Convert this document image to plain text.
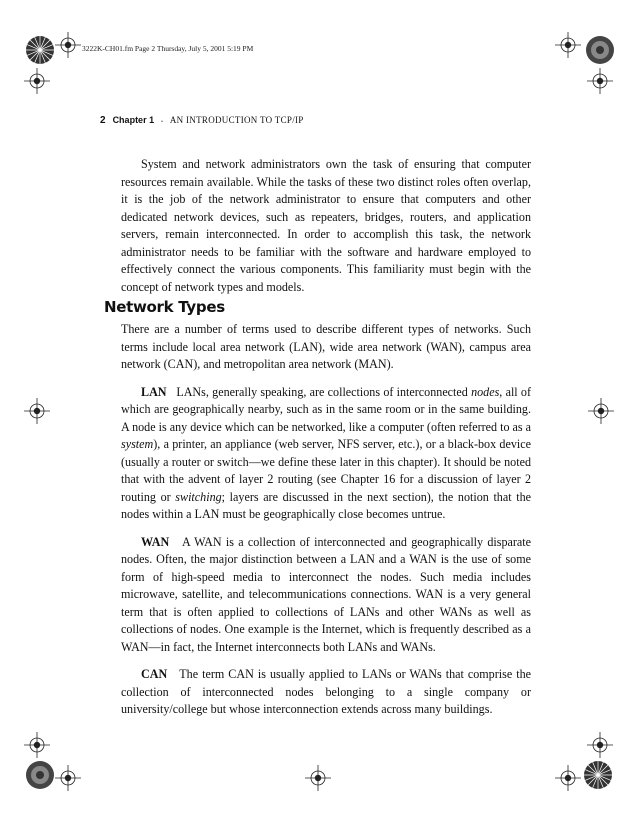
3222K-CH01.fm Page 2 Thursday, July 5, 2001 5:19 PM
2 Chapter 1 • AN INTRODUCTION TO TCP/IP

System and network administrators own the task of ensuring that computer resources remain available. While the tasks of these two distinct roles often overlap, it is the job of the network administrator to ensure that computers and other dedicated network devices, such as repeaters, bridges, routers, and application servers, remain interconnected. In order to accomplish this task, the network administrator needs to be familiar with the software and hardware employed to effectively connect the various components. This familiarity must begin with the concept of network types and models.

Network Types

There are a number of terms used to describe different types of networks. Such terms include local area network (LAN), wide area network (WAN), campus area network (CAN), and metropolitan area network (MAN).

LAN LANs, generally speaking, are collections of interconnected nodes, all of which are geographically nearby, such as in the same room or in the same building. A node is any device which can be networked, like a computer (often referred to as a system), a printer, an appliance (web server, NFS server, etc.), or a black-box device (usually a router or switch—we define these later in this chapter). It should be noted that with the advent of layer 2 routing (see Chapter 16 for a discussion of layer 2 routing or switching; layers are discussed in the next section), the notion that the nodes within a LAN must be geographically close becomes untrue.

WAN A WAN is a collection of interconnected and geographically disparate nodes. Often, the major distinction between a LAN and a WAN is the use of some form of high-speed media to interconnect the nodes. Such media includes microwave, satellite, and telecommunications connections. WAN is a very general term that is often applied to collections of LANs and other WANs as well as collections of nodes. One example is the Internet, which is frequently described as a WAN—in fact, the Internet interconnects both LANs and WANs.

CAN The term CAN is usually applied to LANs or WANs that comprise the collection of interconnected nodes belonging to a single company or university/college but whose interconnection extends across many buildings.
